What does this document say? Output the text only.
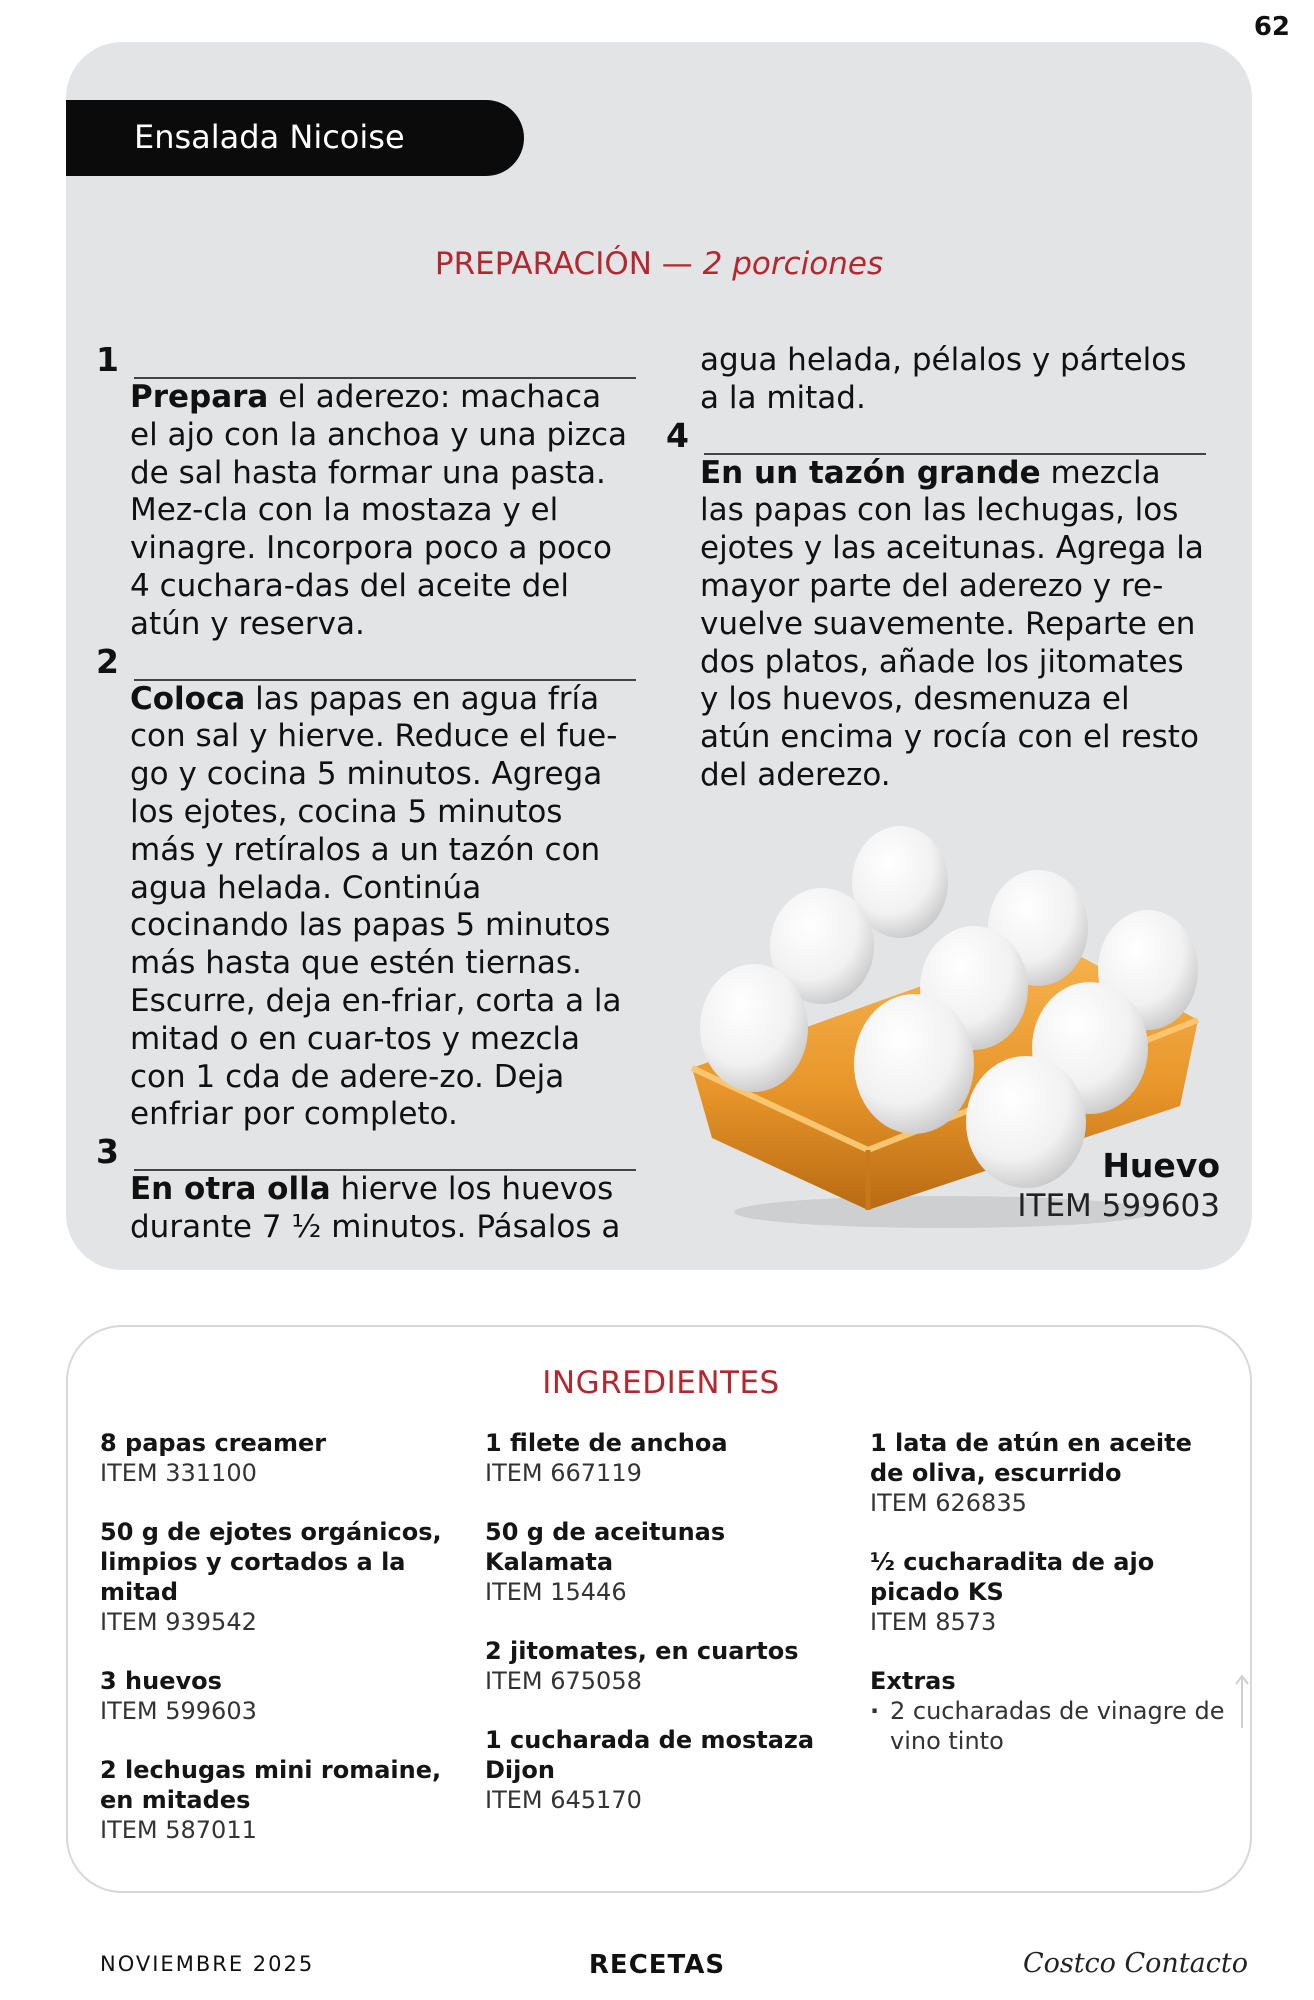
62
Ensalada Nicoise
PREPARACIÓN — 2 porciones
1

Prepara el aderezo: machaca el ajo con la anchoa y una pizca de sal hasta formar una pasta. Mez-cla con la mostaza y el vinagre. Incorpora poco a poco 4 cuchara-das del aceite del atún y reserva.

2

Coloca las papas en agua fría con sal y hierve. Reduce el fue-go y cocina 5 minutos. Agrega los ejotes, cocina 5 minutos más y retíralos a un tazón con agua helada. Continúa cocinando las papas 5 minutos más hasta que estén tiernas. Escurre, deja en-friar, corta a la mitad o en cuar-tos y mezcla con 1 cda de adere-zo. Deja enfriar por completo.

3

En otra olla hierve los huevos durante 7 ½ minutos. Pásalos a

agua helada, pélalos y pártelos a la mitad.

4

En un tazón grande mezcla las papas con las lechugas, los ejotes y las aceitunas. Agrega la mayor parte del aderezo y re-vuelve suavemente. Reparte en dos platos, añade los jitomates y los huevos, desmenuza el atún encima y rocía con el resto del aderezo.

Huevo
ITEM 599603
INGREDIENTES
8 papas creamer
ITEM 331100
50 g de ejotes orgánicos, limpios y cortados a la mitad
ITEM 939542
3 huevos
ITEM 599603
2 lechugas mini romaine, en mitades
ITEM 587011
1 filete de anchoa
ITEM 667119
50 g de aceitunas Kalamata
ITEM 15446
2 jitomates, en cuartos
ITEM 675058
1 cucharada de mostaza Dijon
ITEM 645170
1 lata de atún en aceite de oliva, escurrido
ITEM 626835
½ cucharadita de ajo picado KS
ITEM 8573
Extras
· 2 cucharadas de vinagre de vino tinto
NOVIEMBRE 2025	RECETAS	Costco Contacto
